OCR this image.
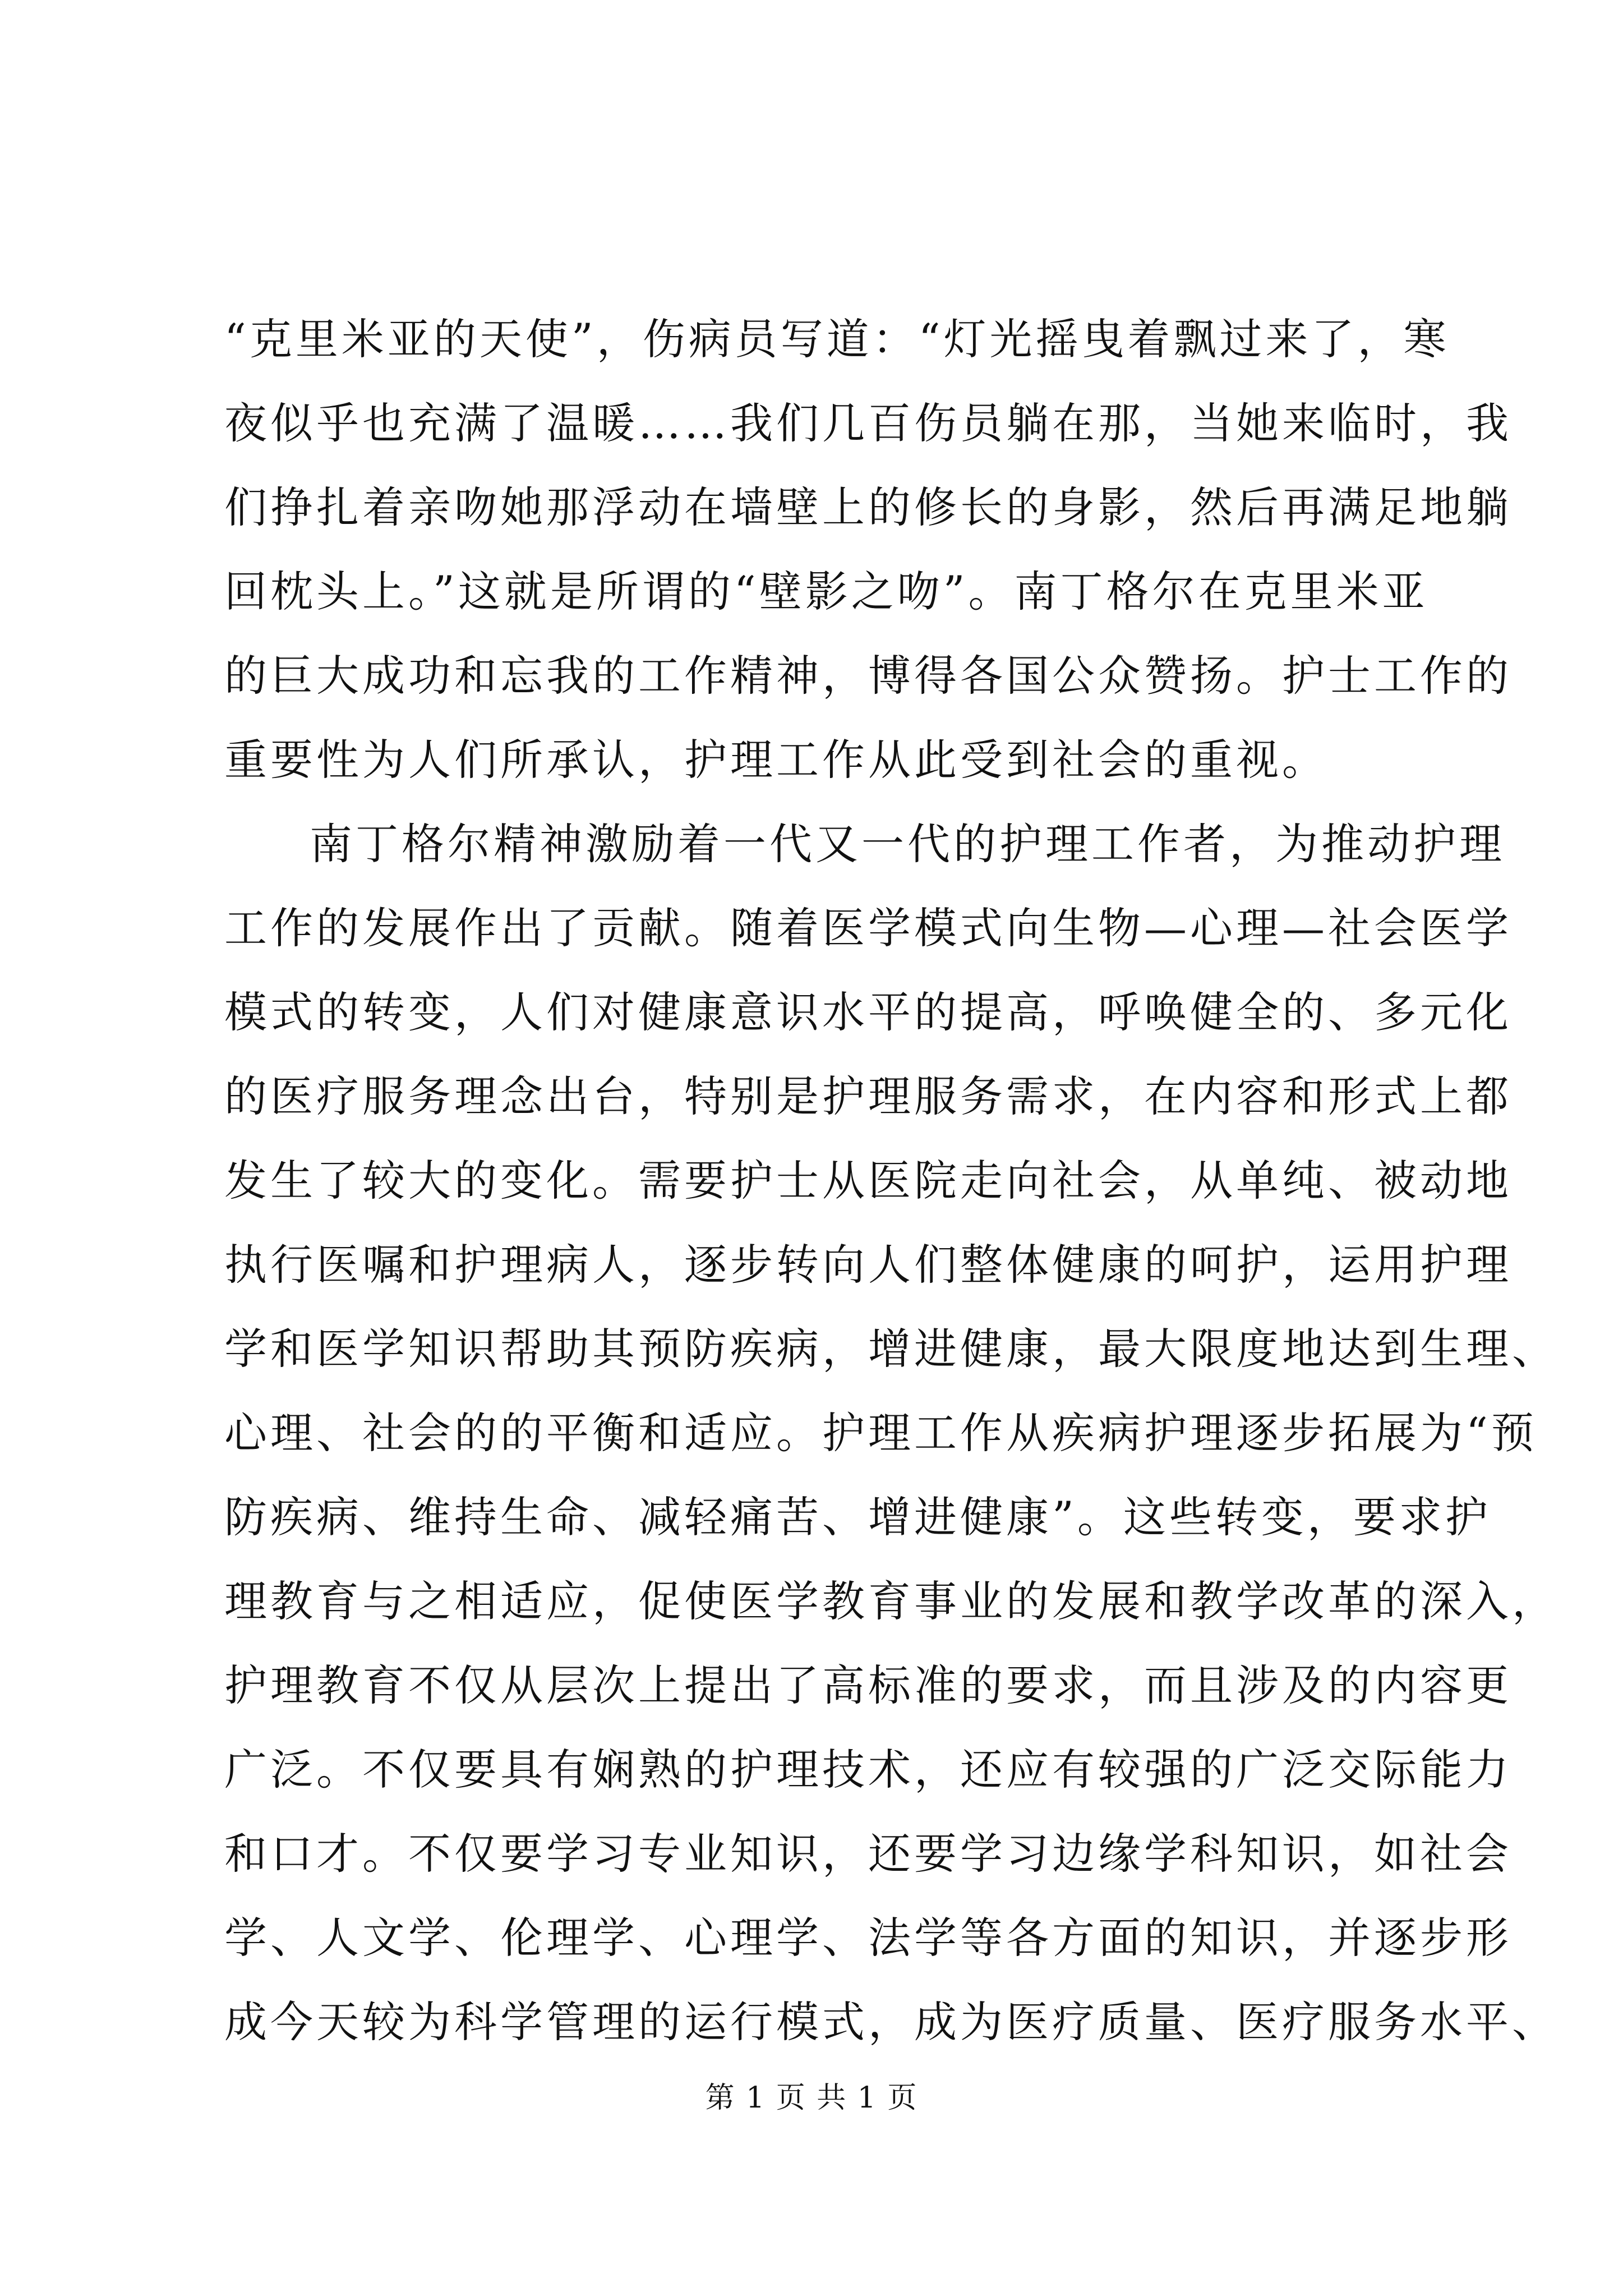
“克里米亚的天使”，伤病员写道：“灯光摇曳着飘过来了，寒
夜似乎也充满了温暖……我们几百伤员躺在那，当她来临时，我
们挣扎着亲吻她那浮动在墙壁上的修长的身影，然后再满足地躺
回枕头上。”这就是所谓的“壁影之吻”。南丁格尔在克里米亚
的巨大成功和忘我的工作精神，博得各国公众赞扬。护士工作的
重要性为人们所承认，护理工作从此受到社会的重视。
南丁格尔精神激励着一代又一代的护理工作者，为推动护理
工作的发展作出了贡献。随着医学模式向生物—心理—社会医学
模式的转变，人们对健康意识水平的提高，呼唤健全的、多元化
的医疗服务理念出台，特别是护理服务需求，在内容和形式上都
发生了较大的变化。需要护士从医院走向社会，从单纯、被动地
执行医嘱和护理病人，逐步转向人们整体健康的呵护，运用护理
学和医学知识帮助其预防疾病，增进健康，最大限度地达到生理、
心理、社会的的平衡和适应。护理工作从疾病护理逐步拓展为“预
防疾病、维持生命、减轻痛苦、增进健康”。这些转变，要求护
理教育与之相适应，促使医学教育事业的发展和教学改革的深入，
护理教育不仅从层次上提出了高标准的要求，而且涉及的内容更
广泛。不仅要具有娴熟的护理技术，还应有较强的广泛交际能力
和口才。不仅要学习专业知识，还要学习边缘学科知识，如社会
学、人文学、伦理学、心理学、法学等各方面的知识，并逐步形
成今天较为科学管理的运行模式，成为医疗质量、医疗服务水平、
第 1 页 共 1 页
